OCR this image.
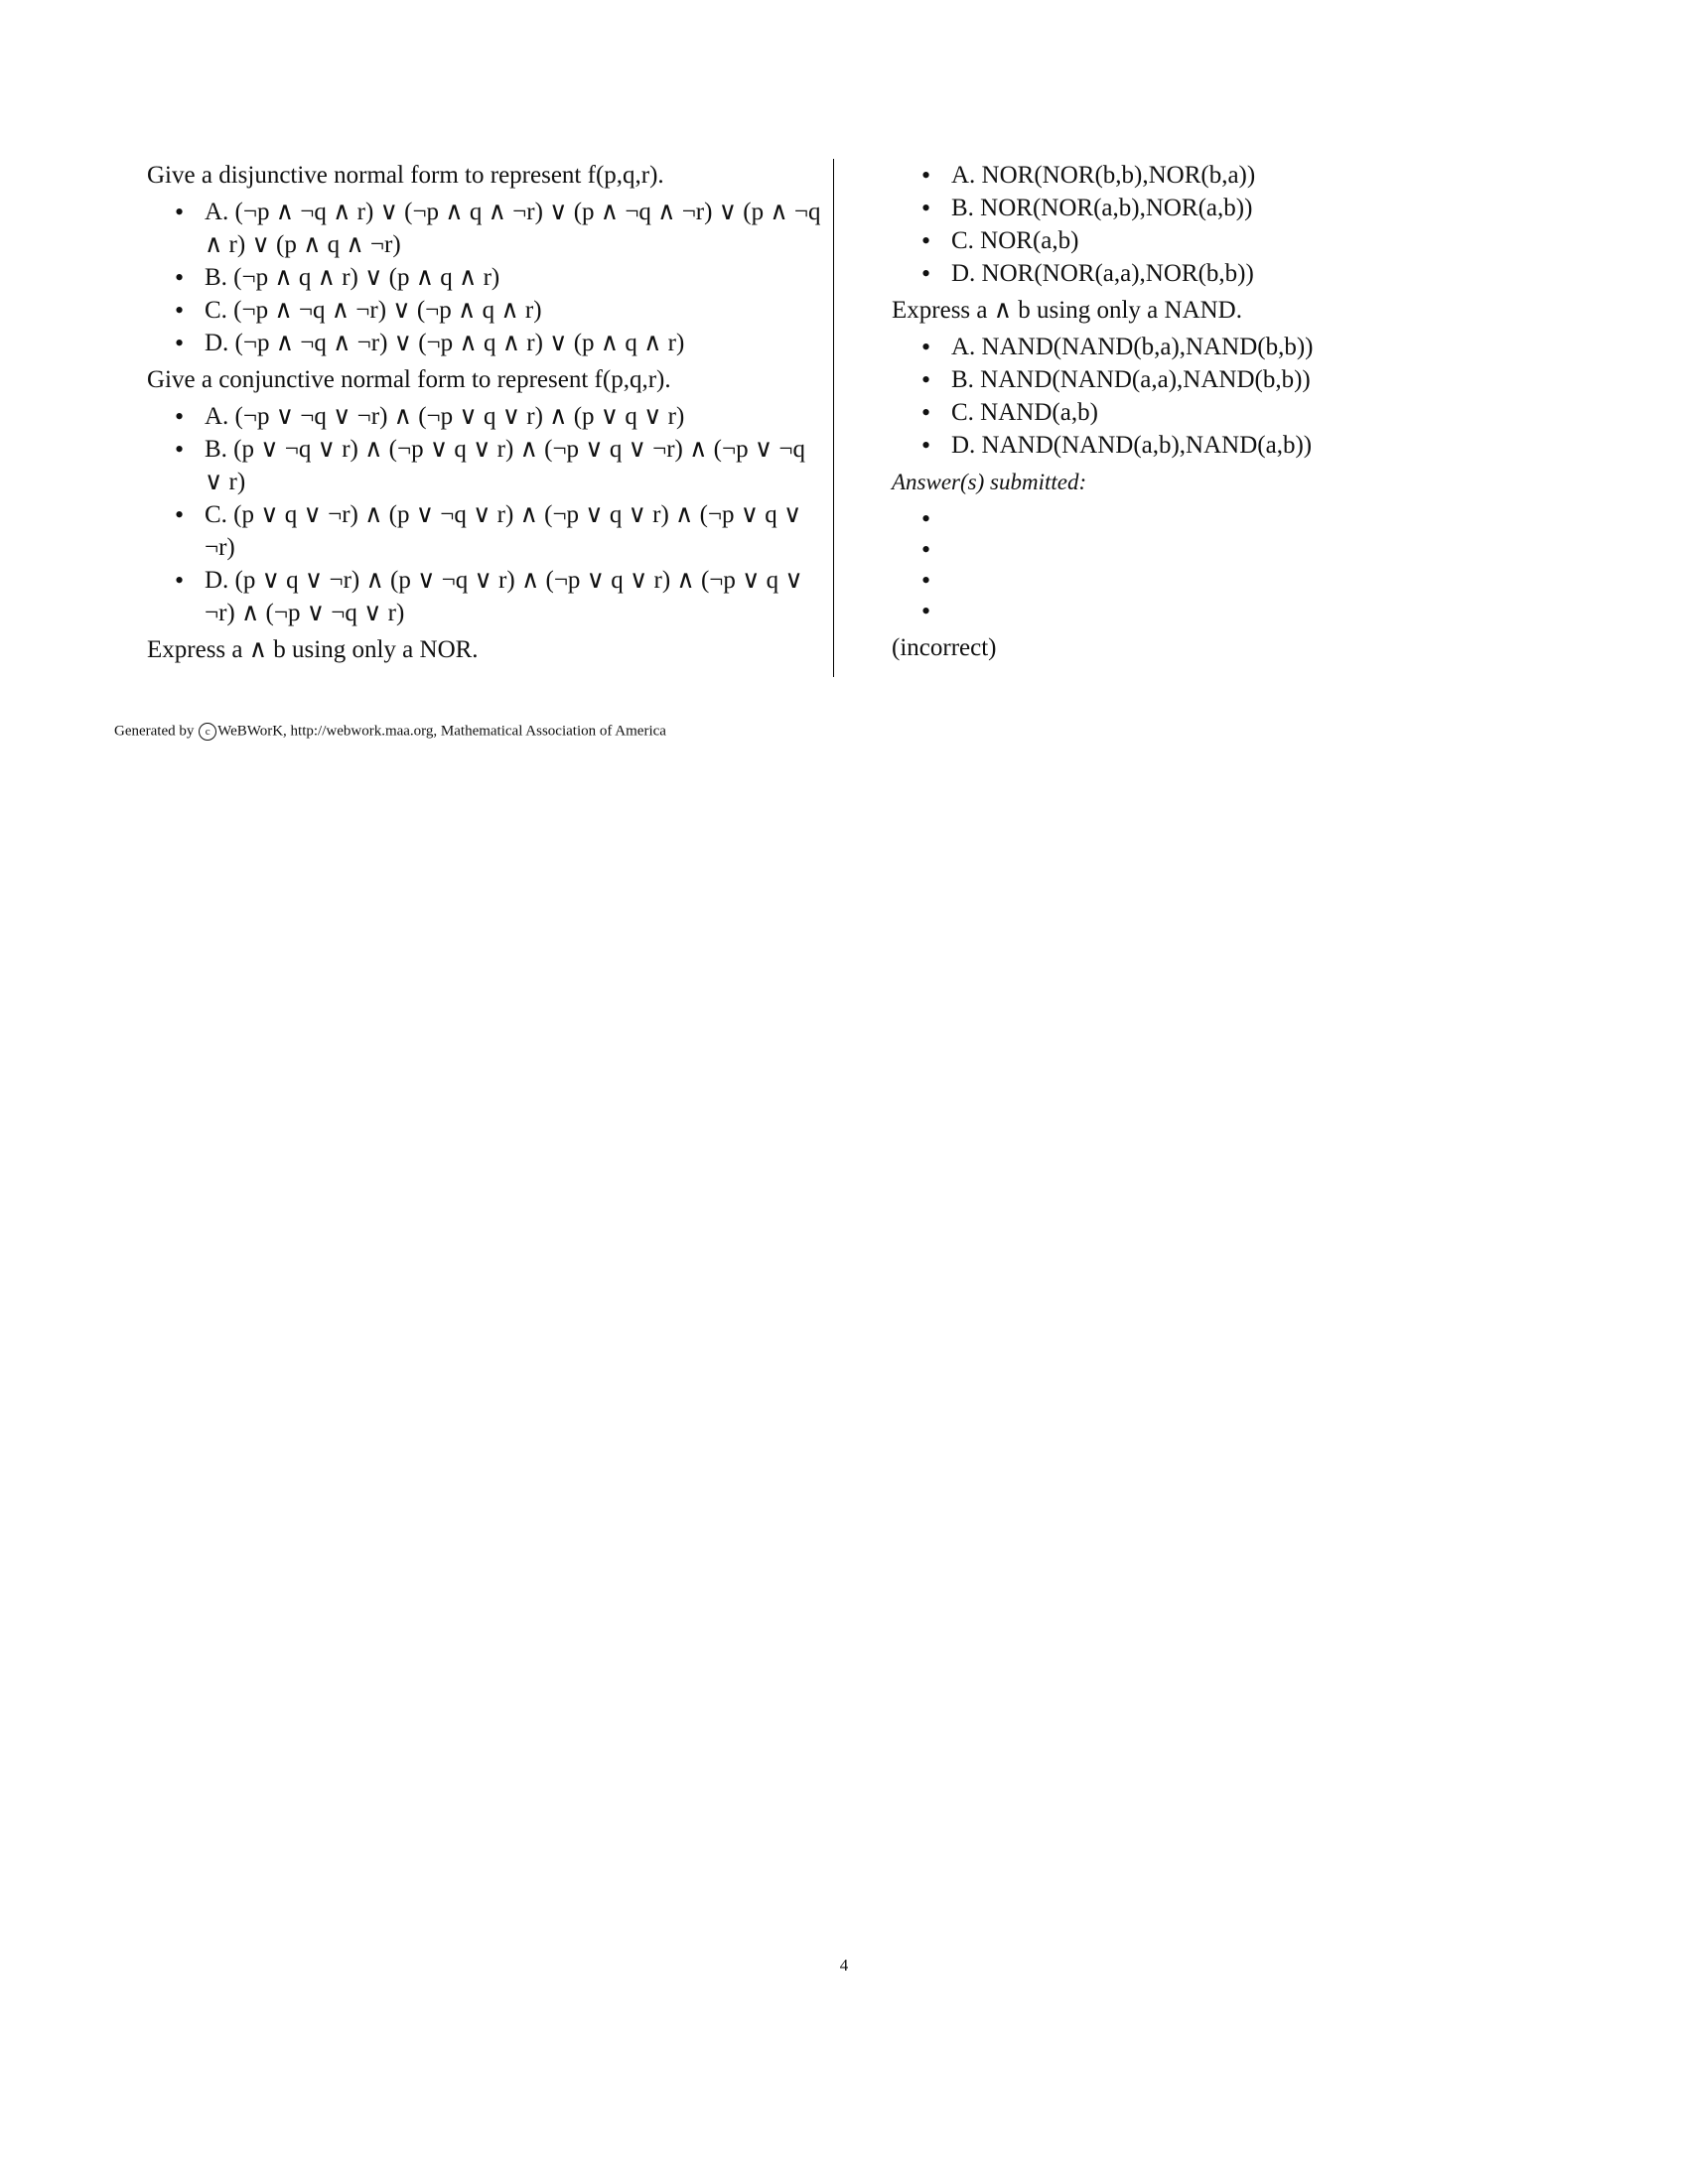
Give a disjunctive normal form to represent f(p,q,r).

• A. (¬p ∧ ¬q ∧ r) ∨ (¬p ∧ q ∧ ¬r) ∨ (p ∧ ¬q ∧ ¬r) ∨ (p ∧ ¬q ∧ r) ∨ (p ∧ q ∧ ¬r)
• B. (¬p ∧ q ∧ r) ∨ (p ∧ q ∧ r)
• C. (¬p ∧ ¬q ∧ ¬r) ∨ (¬p ∧ q ∧ r)
• D. (¬p ∧ ¬q ∧ ¬r) ∨ (¬p ∧ q ∧ r) ∨ (p ∧ q ∧ r)

Give a conjunctive normal form to represent f(p,q,r).

• A. (¬p ∨ ¬q ∨ ¬r) ∧ (¬p ∨ q ∨ r) ∧ (p ∨ q ∨ r)
• B. (p ∨ ¬q ∨ r) ∧ (¬p ∨ q ∨ r) ∧ (¬p ∨ q ∨ ¬r) ∧ (¬p ∨ ¬q ∨ r)
• C. (p ∨ q ∨ ¬r) ∧ (p ∨ ¬q ∨ r) ∧ (¬p ∨ q ∨ r) ∧ (¬p ∨ q ∨ ¬r)
• D. (p ∨ q ∨ ¬r) ∧ (p ∨ ¬q ∨ r) ∧ (¬p ∨ q ∨ r) ∧ (¬p ∨ q ∨ ¬r) ∧ (¬p ∨ ¬q ∨ r)

Express a ∧ b using only a NOR.

• A. NOR(NOR(b,b),NOR(b,a))
• B. NOR(NOR(a,b),NOR(a,b))
• C. NOR(a,b)
• D. NOR(NOR(a,a),NOR(b,b))

Express a ∧ b using only a NAND.

• A. NAND(NAND(b,a),NAND(b,b))
• B. NAND(NAND(a,a),NAND(b,b))
• C. NAND(a,b)
• D. NAND(NAND(a,b),NAND(a,b))

Answer(s) submitted:

•
•
•
•

(incorrect)

Generated by c WeBWorK, http://webwork.maa.org, Mathematical Association of America
4
